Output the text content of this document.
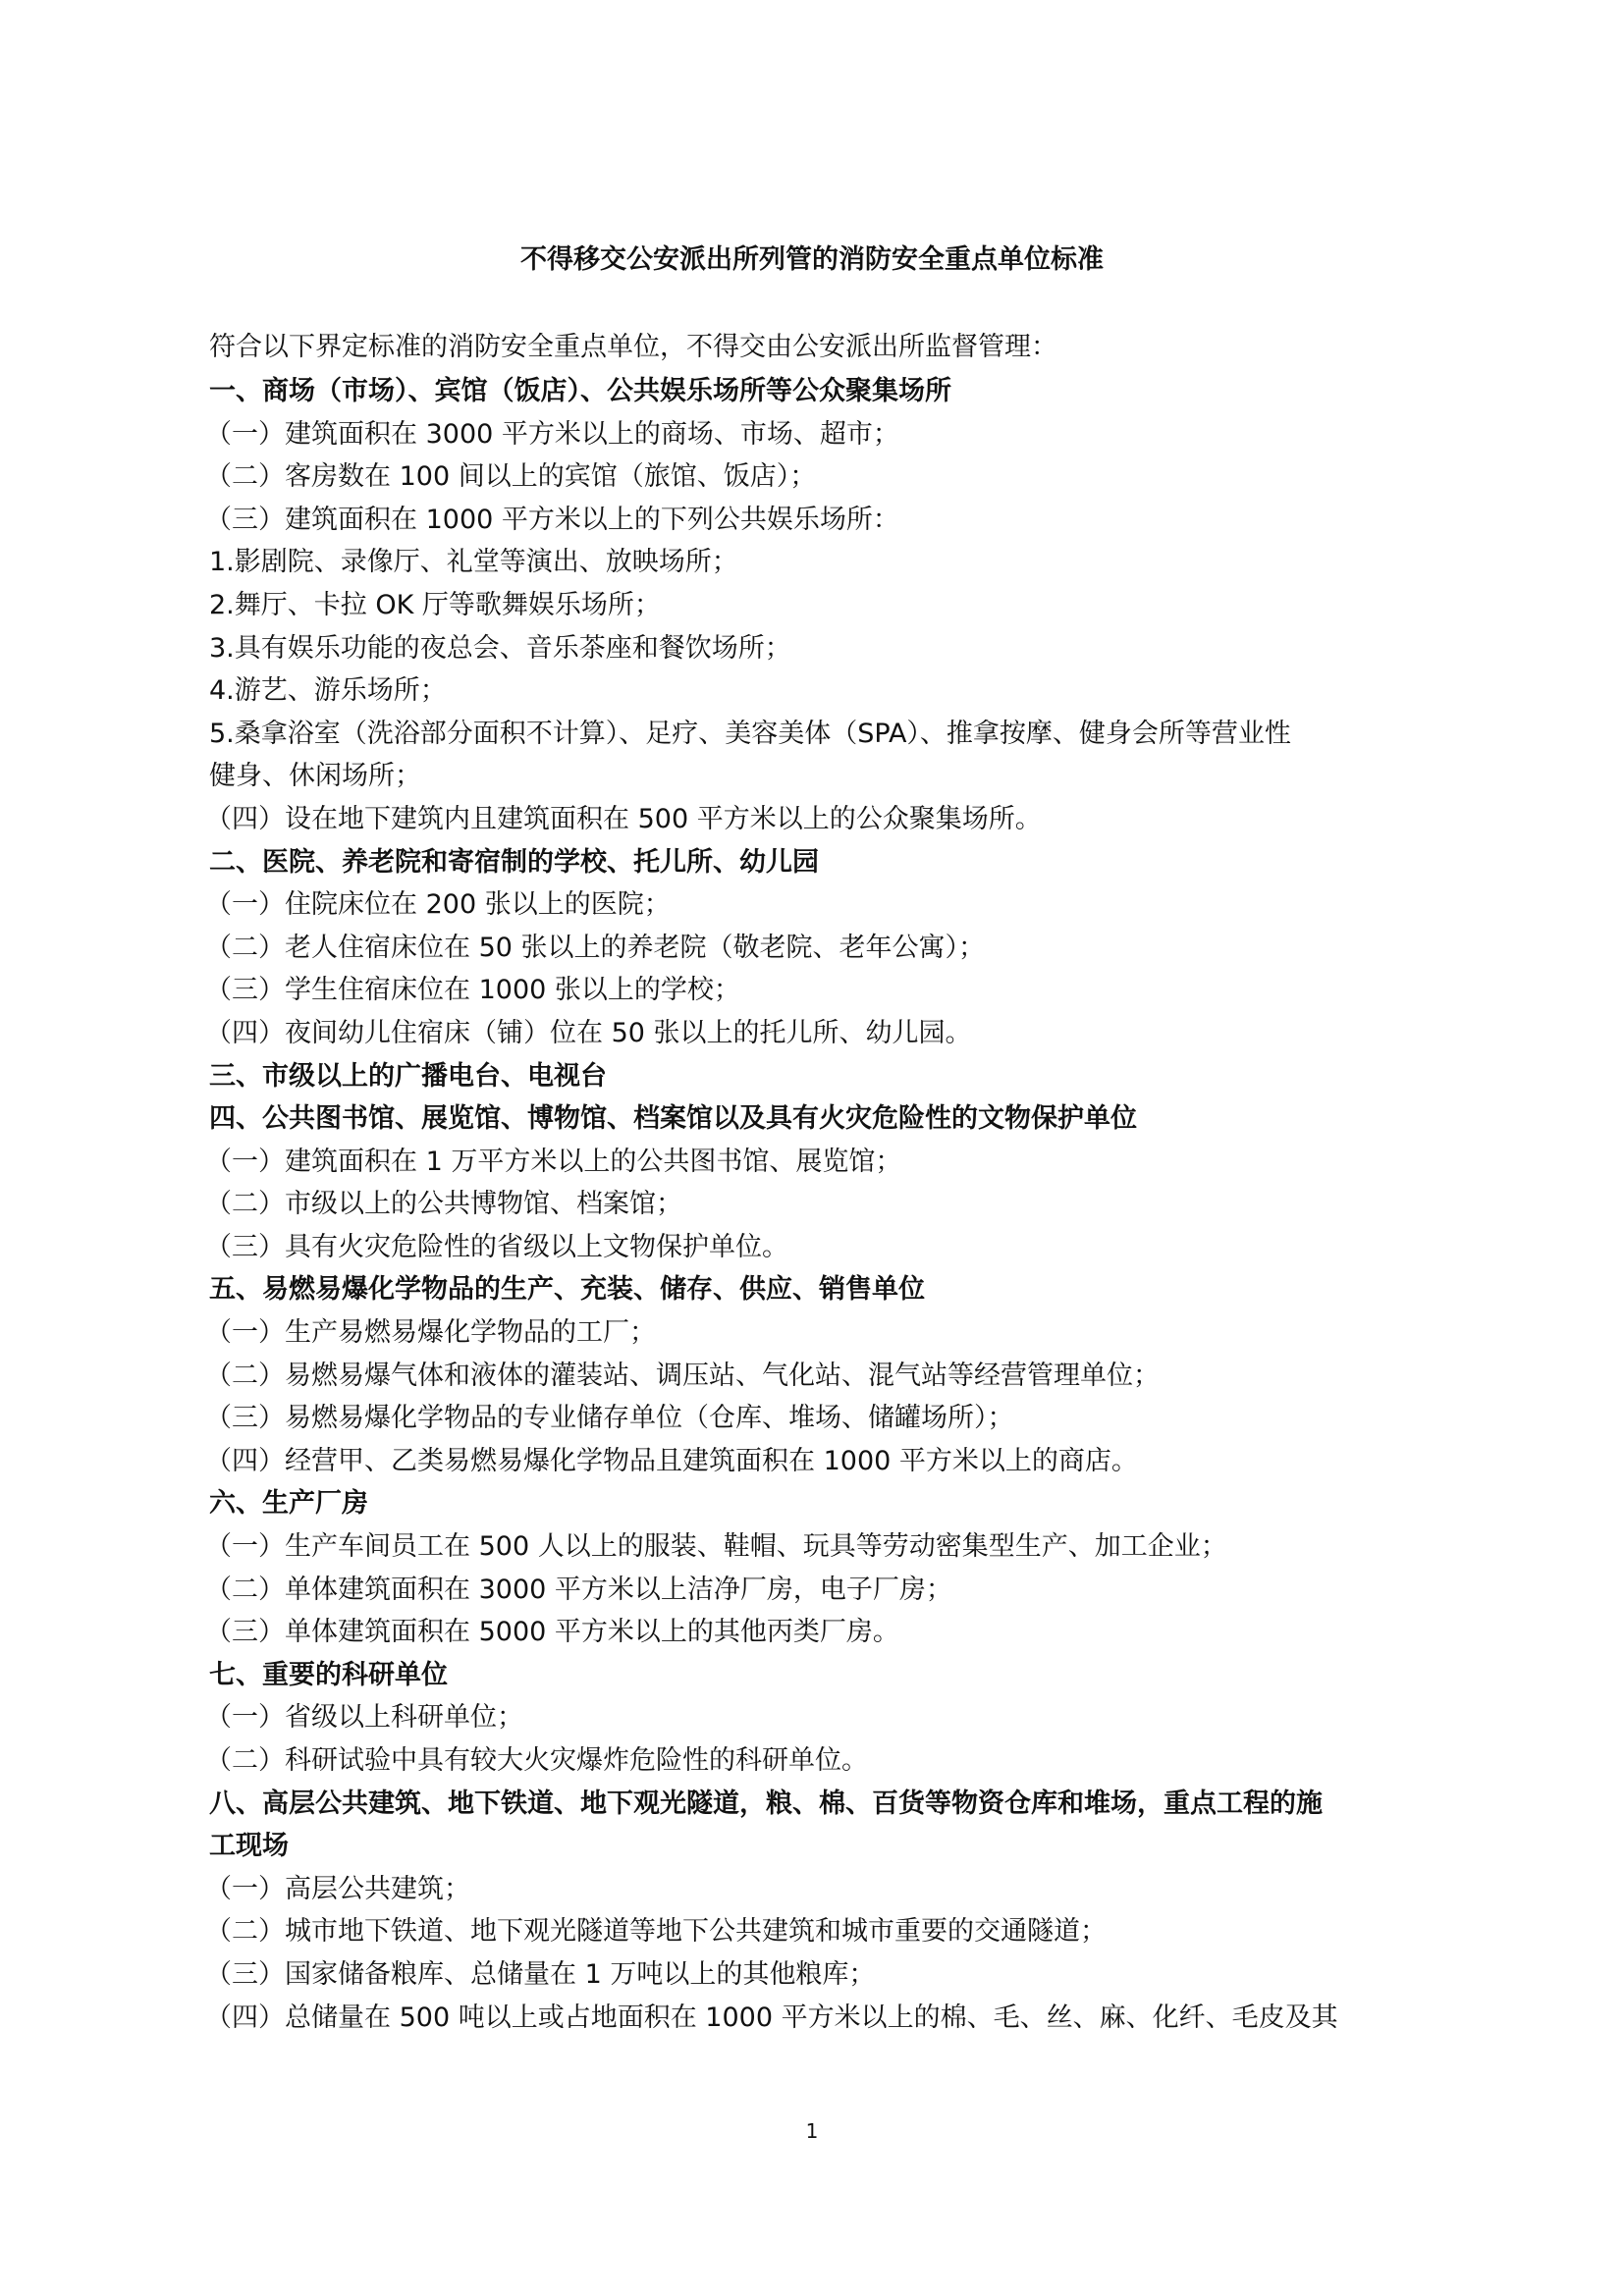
不得移交公安派出所列管的消防安全重点单位标准
符合以下界定标准的消防安全重点单位，不得交由公安派出所监督管理：
一、商场（市场）、宾馆（饭店）、公共娱乐场所等公众聚集场所
（一）建筑面积在 3000 平方米以上的商场、市场、超市；
（二）客房数在 100 间以上的宾馆（旅馆、饭店）；
（三）建筑面积在 1000 平方米以上的下列公共娱乐场所：
1.影剧院、录像厅、礼堂等演出、放映场所；
2.舞厅、卡拉 OK 厅等歌舞娱乐场所；
3.具有娱乐功能的夜总会、音乐茶座和餐饮场所；
4.游艺、游乐场所；
5.桑拿浴室（洗浴部分面积不计算）、足疗、美容美体（SPA）、推拿按摩、健身会所等营业性
健身、休闲场所；
（四）设在地下建筑内且建筑面积在 500 平方米以上的公众聚集场所。
二、医院、养老院和寄宿制的学校、托儿所、幼儿园
（一）住院床位在 200 张以上的医院；
（二）老人住宿床位在 50 张以上的养老院（敬老院、老年公寓）；
（三）学生住宿床位在 1000 张以上的学校；
（四）夜间幼儿住宿床（铺）位在 50 张以上的托儿所、幼儿园。
三、市级以上的广播电台、电视台
四、公共图书馆、展览馆、博物馆、档案馆以及具有火灾危险性的文物保护单位
（一）建筑面积在 1 万平方米以上的公共图书馆、展览馆；
（二）市级以上的公共博物馆、档案馆；
（三）具有火灾危险性的省级以上文物保护单位。
五、易燃易爆化学物品的生产、充装、储存、供应、销售单位
（一）生产易燃易爆化学物品的工厂；
（二）易燃易爆气体和液体的灌装站、调压站、气化站、混气站等经营管理单位；
（三）易燃易爆化学物品的专业储存单位（仓库、堆场、储罐场所）；
（四）经营甲、乙类易燃易爆化学物品且建筑面积在 1000 平方米以上的商店。
六、生产厂房
（一）生产车间员工在 500 人以上的服装、鞋帽、玩具等劳动密集型生产、加工企业；
（二）单体建筑面积在 3000 平方米以上洁净厂房，电子厂房；
（三）单体建筑面积在 5000 平方米以上的其他丙类厂房。
七、重要的科研单位
（一）省级以上科研单位；
（二）科研试验中具有较大火灾爆炸危险性的科研单位。
八、高层公共建筑、地下铁道、地下观光隧道，粮、棉、百货等物资仓库和堆场，重点工程的施
工现场
（一）高层公共建筑；
（二）城市地下铁道、地下观光隧道等地下公共建筑和城市重要的交通隧道；
（三）国家储备粮库、总储量在 1 万吨以上的其他粮库；
（四）总储量在 500 吨以上或占地面积在 1000 平方米以上的棉、毛、丝、麻、化纤、毛皮及其
1
